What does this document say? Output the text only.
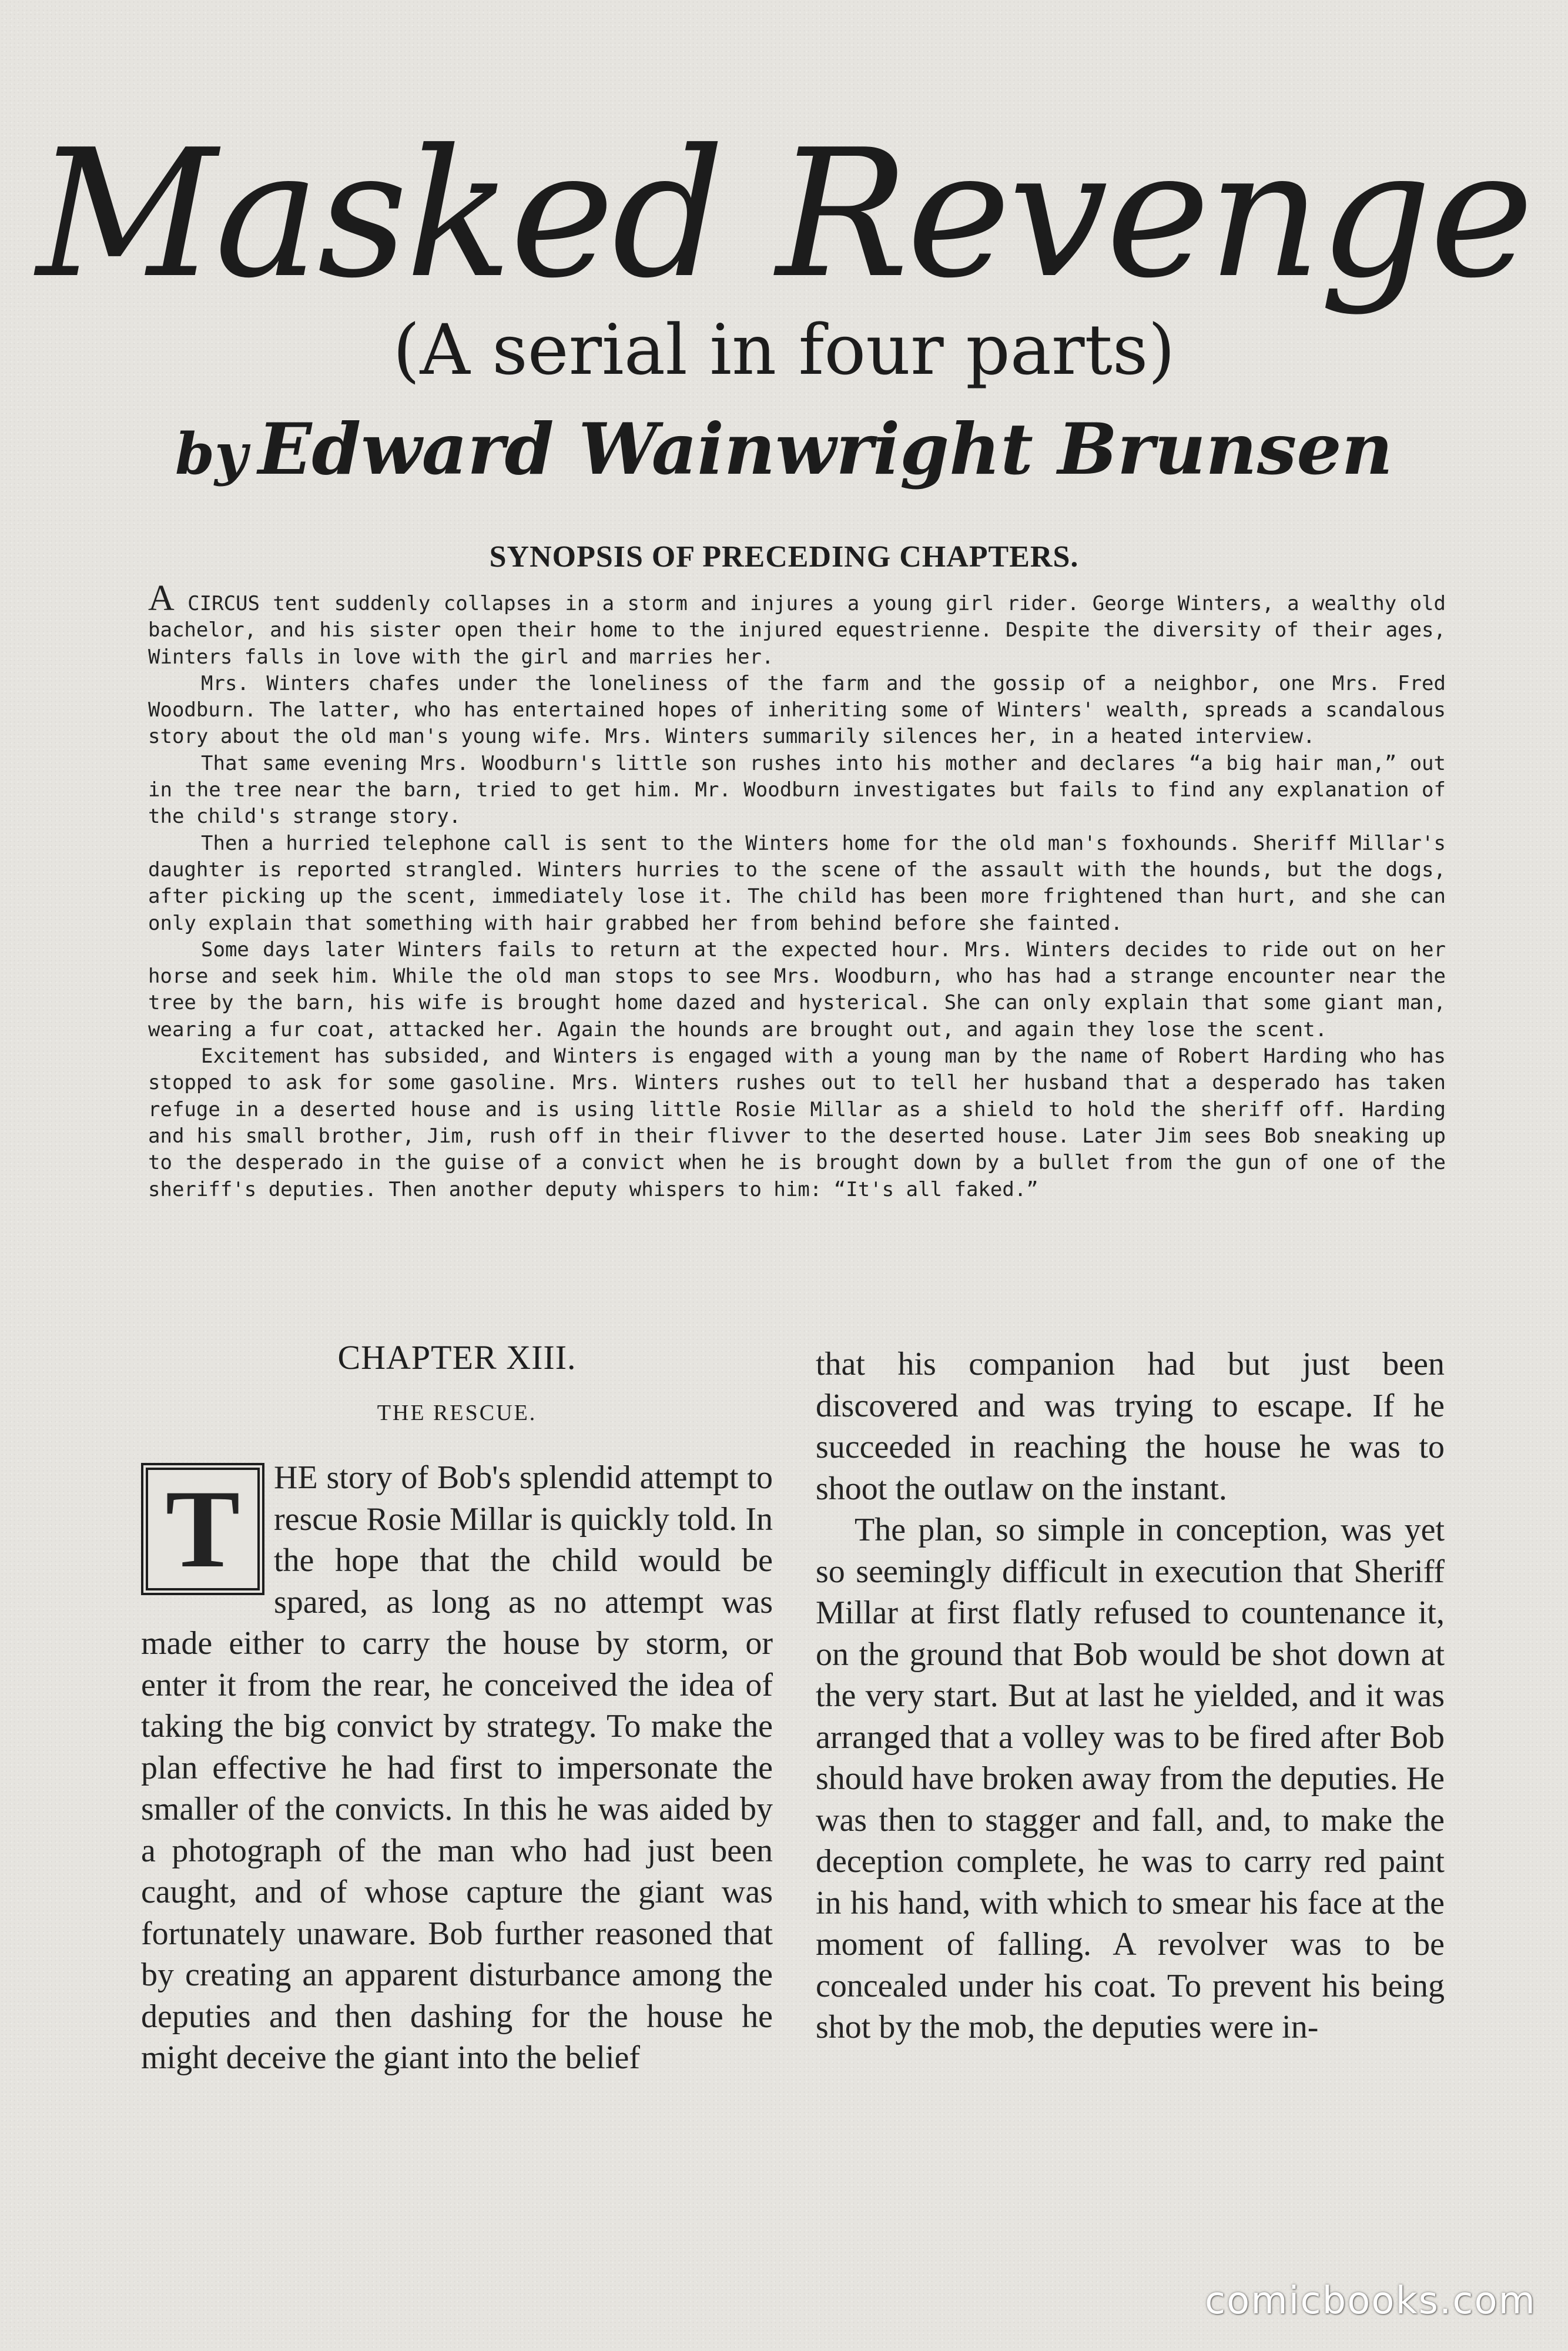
Masked Revenge
(A serial in four parts)
by Edward Wainwright Brunsen
SYNOPSIS OF PRECEDING CHAPTERS.

A CIRCUS tent suddenly collapses in a storm and injures a young girl rider. George Winters, a wealthy old bachelor, and his sister open their home to the injured equestrienne. Despite the diversity of their ages, Winters falls in love with the girl and marries her.

Mrs. Winters chafes under the loneliness of the farm and the gossip of a neighbor, one Mrs. Fred Woodburn. The latter, who has entertained hopes of inheriting some of Winters' wealth, spreads a scandalous story about the old man's young wife. Mrs. Winters summarily silences her, in a heated interview.

That same evening Mrs. Woodburn's little son rushes into his mother and declares “a big hair man,” out in the tree near the barn, tried to get him. Mr. Woodburn investigates but fails to find any explanation of the child's strange story.

Then a hurried telephone call is sent to the Winters home for the old man's foxhounds. Sheriff Millar's daughter is reported strangled. Winters hurries to the scene of the assault with the hounds, but the dogs, after picking up the scent, immediately lose it. The child has been more frightened than hurt, and she can only explain that something with hair grabbed her from behind before she fainted.

Some days later Winters fails to return at the expected hour. Mrs. Winters decides to ride out on her horse and seek him. While the old man stops to see Mrs. Woodburn, who has had a strange encounter near the tree by the barn, his wife is brought home dazed and hysterical. She can only explain that some giant man, wearing a fur coat, attacked her. Again the hounds are brought out, and again they lose the scent.

Excitement has subsided, and Winters is engaged with a young man by the name of Robert Harding who has stopped to ask for some gasoline. Mrs. Winters rushes out to tell her husband that a desperado has taken refuge in a deserted house and is using little Rosie Millar as a shield to hold the sheriff off. Harding and his small brother, Jim, rush off in their flivver to the deserted house. Later Jim sees Bob sneaking up to the desperado in the guise of a convict when he is brought down by a bullet from the gun of one of the sheriff's deputies. Then another deputy whispers to him: “It's all faked.”

CHAPTER XIII.
THE RESCUE.
T	HE story of Bob's splendid attempt to rescue Rosie Millar is quickly told. In the hope that the child would be spared, as long as no attempt was made either to carry the house by storm, or enter it from the rear, he conceived the idea of taking the big convict by strategy. To make the plan effective he had first to impersonate the smaller of the convicts. In this he was aided by a photograph of the man who had just been caught, and of whose capture the giant was fortunately unaware. Bob further reasoned that by creating an apparent disturbance among the deputies and then dashing for the house he might deceive the giant into the belief

that his companion had but just been discovered and was trying to escape. If he succeeded in reaching the house he was to shoot the outlaw on the instant.

The plan, so simple in conception, was yet so seemingly difficult in execution that Sheriff Millar at first flatly refused to countenance it, on the ground that Bob would be shot down at the very start. But at last he yielded, and it was arranged that a volley was to be fired after Bob should have broken away from the deputies. He was then to stagger and fall, and, to make the deception complete, he was to carry red paint in his hand, with which to smear his face at the moment of falling. A revolver was to be concealed under his coat. To prevent his being shot by the mob, the deputies were in-

comicbooks.com
